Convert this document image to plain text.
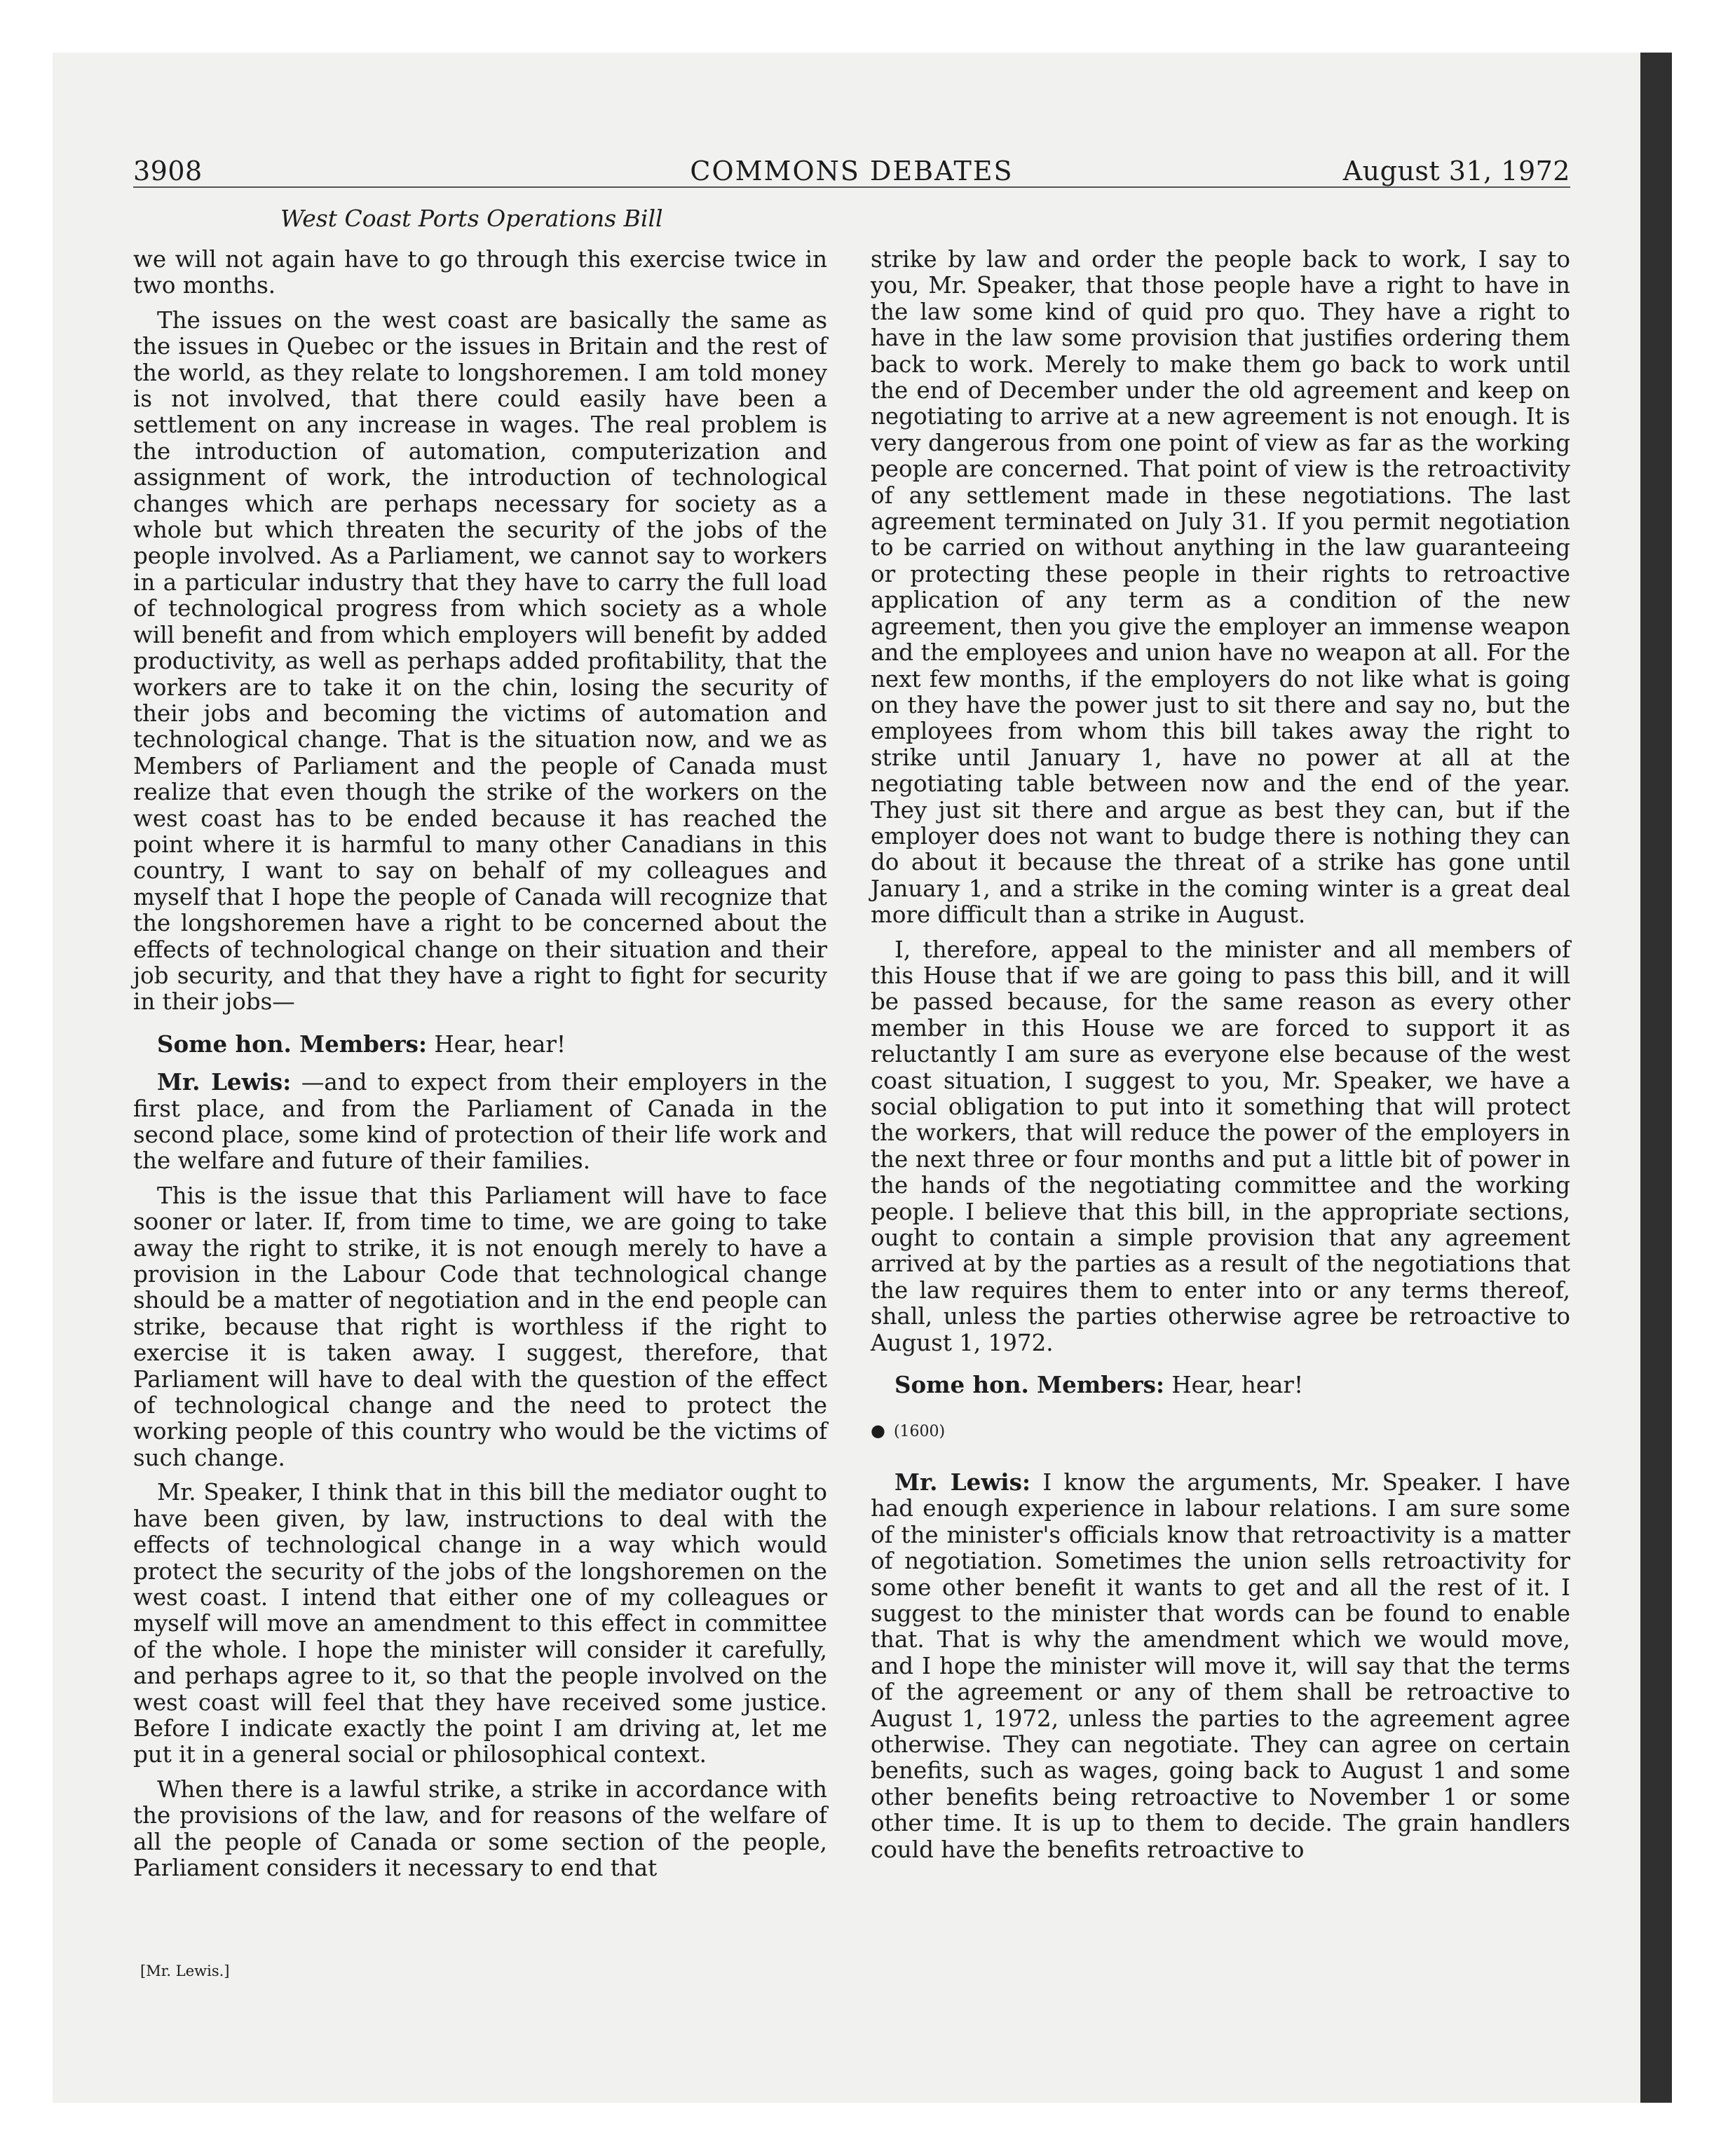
3908	COMMONS DEBATES	August 31, 1972
West Coast Ports Operations Bill

we will not again have to go through this exercise twice in two months.

The issues on the west coast are basically the same as the issues in Quebec or the issues in Britain and the rest of the world, as they relate to longshoremen. I am told money is not involved, that there could easily have been a settlement on any increase in wages. The real problem is the introduction of automation, computerization and assignment of work, the introduction of technological changes which are perhaps necessary for society as a whole but which threaten the security of the jobs of the people involved. As a Parliament, we cannot say to workers in a particular industry that they have to carry the full load of technological progress from which society as a whole will benefit and from which employers will benefit by added productivity, as well as perhaps added profitability, that the workers are to take it on the chin, losing the security of their jobs and becoming the victims of automation and technological change. That is the situation now, and we as Members of Parliament and the people of Canada must realize that even though the strike of the workers on the west coast has to be ended because it has reached the point where it is harmful to many other Canadians in this country, I want to say on behalf of my colleagues and myself that I hope the people of Canada will recognize that the longshoremen have a right to be concerned about the effects of technological change on their situation and their job security, and that they have a right to fight for security in their jobs—

Some hon. Members: Hear, hear!

Mr. Lewis: —and to expect from their employers in the first place, and from the Parliament of Canada in the second place, some kind of protection of their life work and the welfare and future of their families.

This is the issue that this Parliament will have to face sooner or later. If, from time to time, we are going to take away the right to strike, it is not enough merely to have a provision in the Labour Code that technological change should be a matter of negotiation and in the end people can strike, because that right is worthless if the right to exercise it is taken away. I suggest, therefore, that Parliament will have to deal with the question of the effect of technological change and the need to protect the working people of this country who would be the victims of such change.

Mr. Speaker, I think that in this bill the mediator ought to have been given, by law, instructions to deal with the effects of technological change in a way which would protect the security of the jobs of the longshoremen on the west coast. I intend that either one of my colleagues or myself will move an amendment to this effect in committee of the whole. I hope the minister will consider it carefully, and perhaps agree to it, so that the people involved on the west coast will feel that they have received some justice. Before I indicate exactly the point I am driving at, let me put it in a general social or philosophical context.

When there is a lawful strike, a strike in accordance with the provisions of the law, and for reasons of the welfare of all the people of Canada or some section of the people, Parliament considers it necessary to end that

[Mr. Lewis.]

strike by law and order the people back to work, I say to you, Mr. Speaker, that those people have a right to have in the law some kind of quid pro quo. They have a right to have in the law some provision that justifies ordering them back to work. Merely to make them go back to work until the end of December under the old agreement and keep on negotiating to arrive at a new agreement is not enough. It is very dangerous from one point of view as far as the working people are concerned. That point of view is the retroactivity of any settlement made in these negotiations. The last agreement terminated on July 31. If you permit negotiation to be carried on without anything in the law guaranteeing or protecting these people in their rights to retroactive application of any term as a condition of the new agreement, then you give the employer an immense weapon and the employees and union have no weapon at all. For the next few months, if the employers do not like what is going on they have the power just to sit there and say no, but the employees from whom this bill takes away the right to strike until January 1, have no power at all at the negotiating table between now and the end of the year. They just sit there and argue as best they can, but if the employer does not want to budge there is nothing they can do about it because the threat of a strike has gone until January 1, and a strike in the coming winter is a great deal more difficult than a strike in August.

I, therefore, appeal to the minister and all members of this House that if we are going to pass this bill, and it will be passed because, for the same reason as every other member in this House we are forced to support it as reluctantly I am sure as everyone else because of the west coast situation, I suggest to you, Mr. Speaker, we have a social obligation to put into it something that will protect the workers, that will reduce the power of the employers in the next three or four months and put a little bit of power in the hands of the negotiating committee and the working people. I believe that this bill, in the appropriate sections, ought to contain a simple provision that any agreement arrived at by the parties as a result of the negotiations that the law requires them to enter into or any terms thereof, shall, unless the parties otherwise agree be retroactive to August 1, 1972.

Some hon. Members: Hear, hear!

● (1600)

Mr. Lewis: I know the arguments, Mr. Speaker. I have had enough experience in labour relations. I am sure some of the minister's officials know that retroactivity is a matter of negotiation. Sometimes the union sells retroactivity for some other benefit it wants to get and all the rest of it. I suggest to the minister that words can be found to enable that. That is why the amendment which we would move, and I hope the minister will move it, will say that the terms of the agreement or any of them shall be retroactive to August 1, 1972, unless the parties to the agreement agree otherwise. They can negotiate. They can agree on certain benefits, such as wages, going back to August 1 and some other benefits being retroactive to November 1 or some other time. It is up to them to decide. The grain handlers could have the benefits retroactive to
